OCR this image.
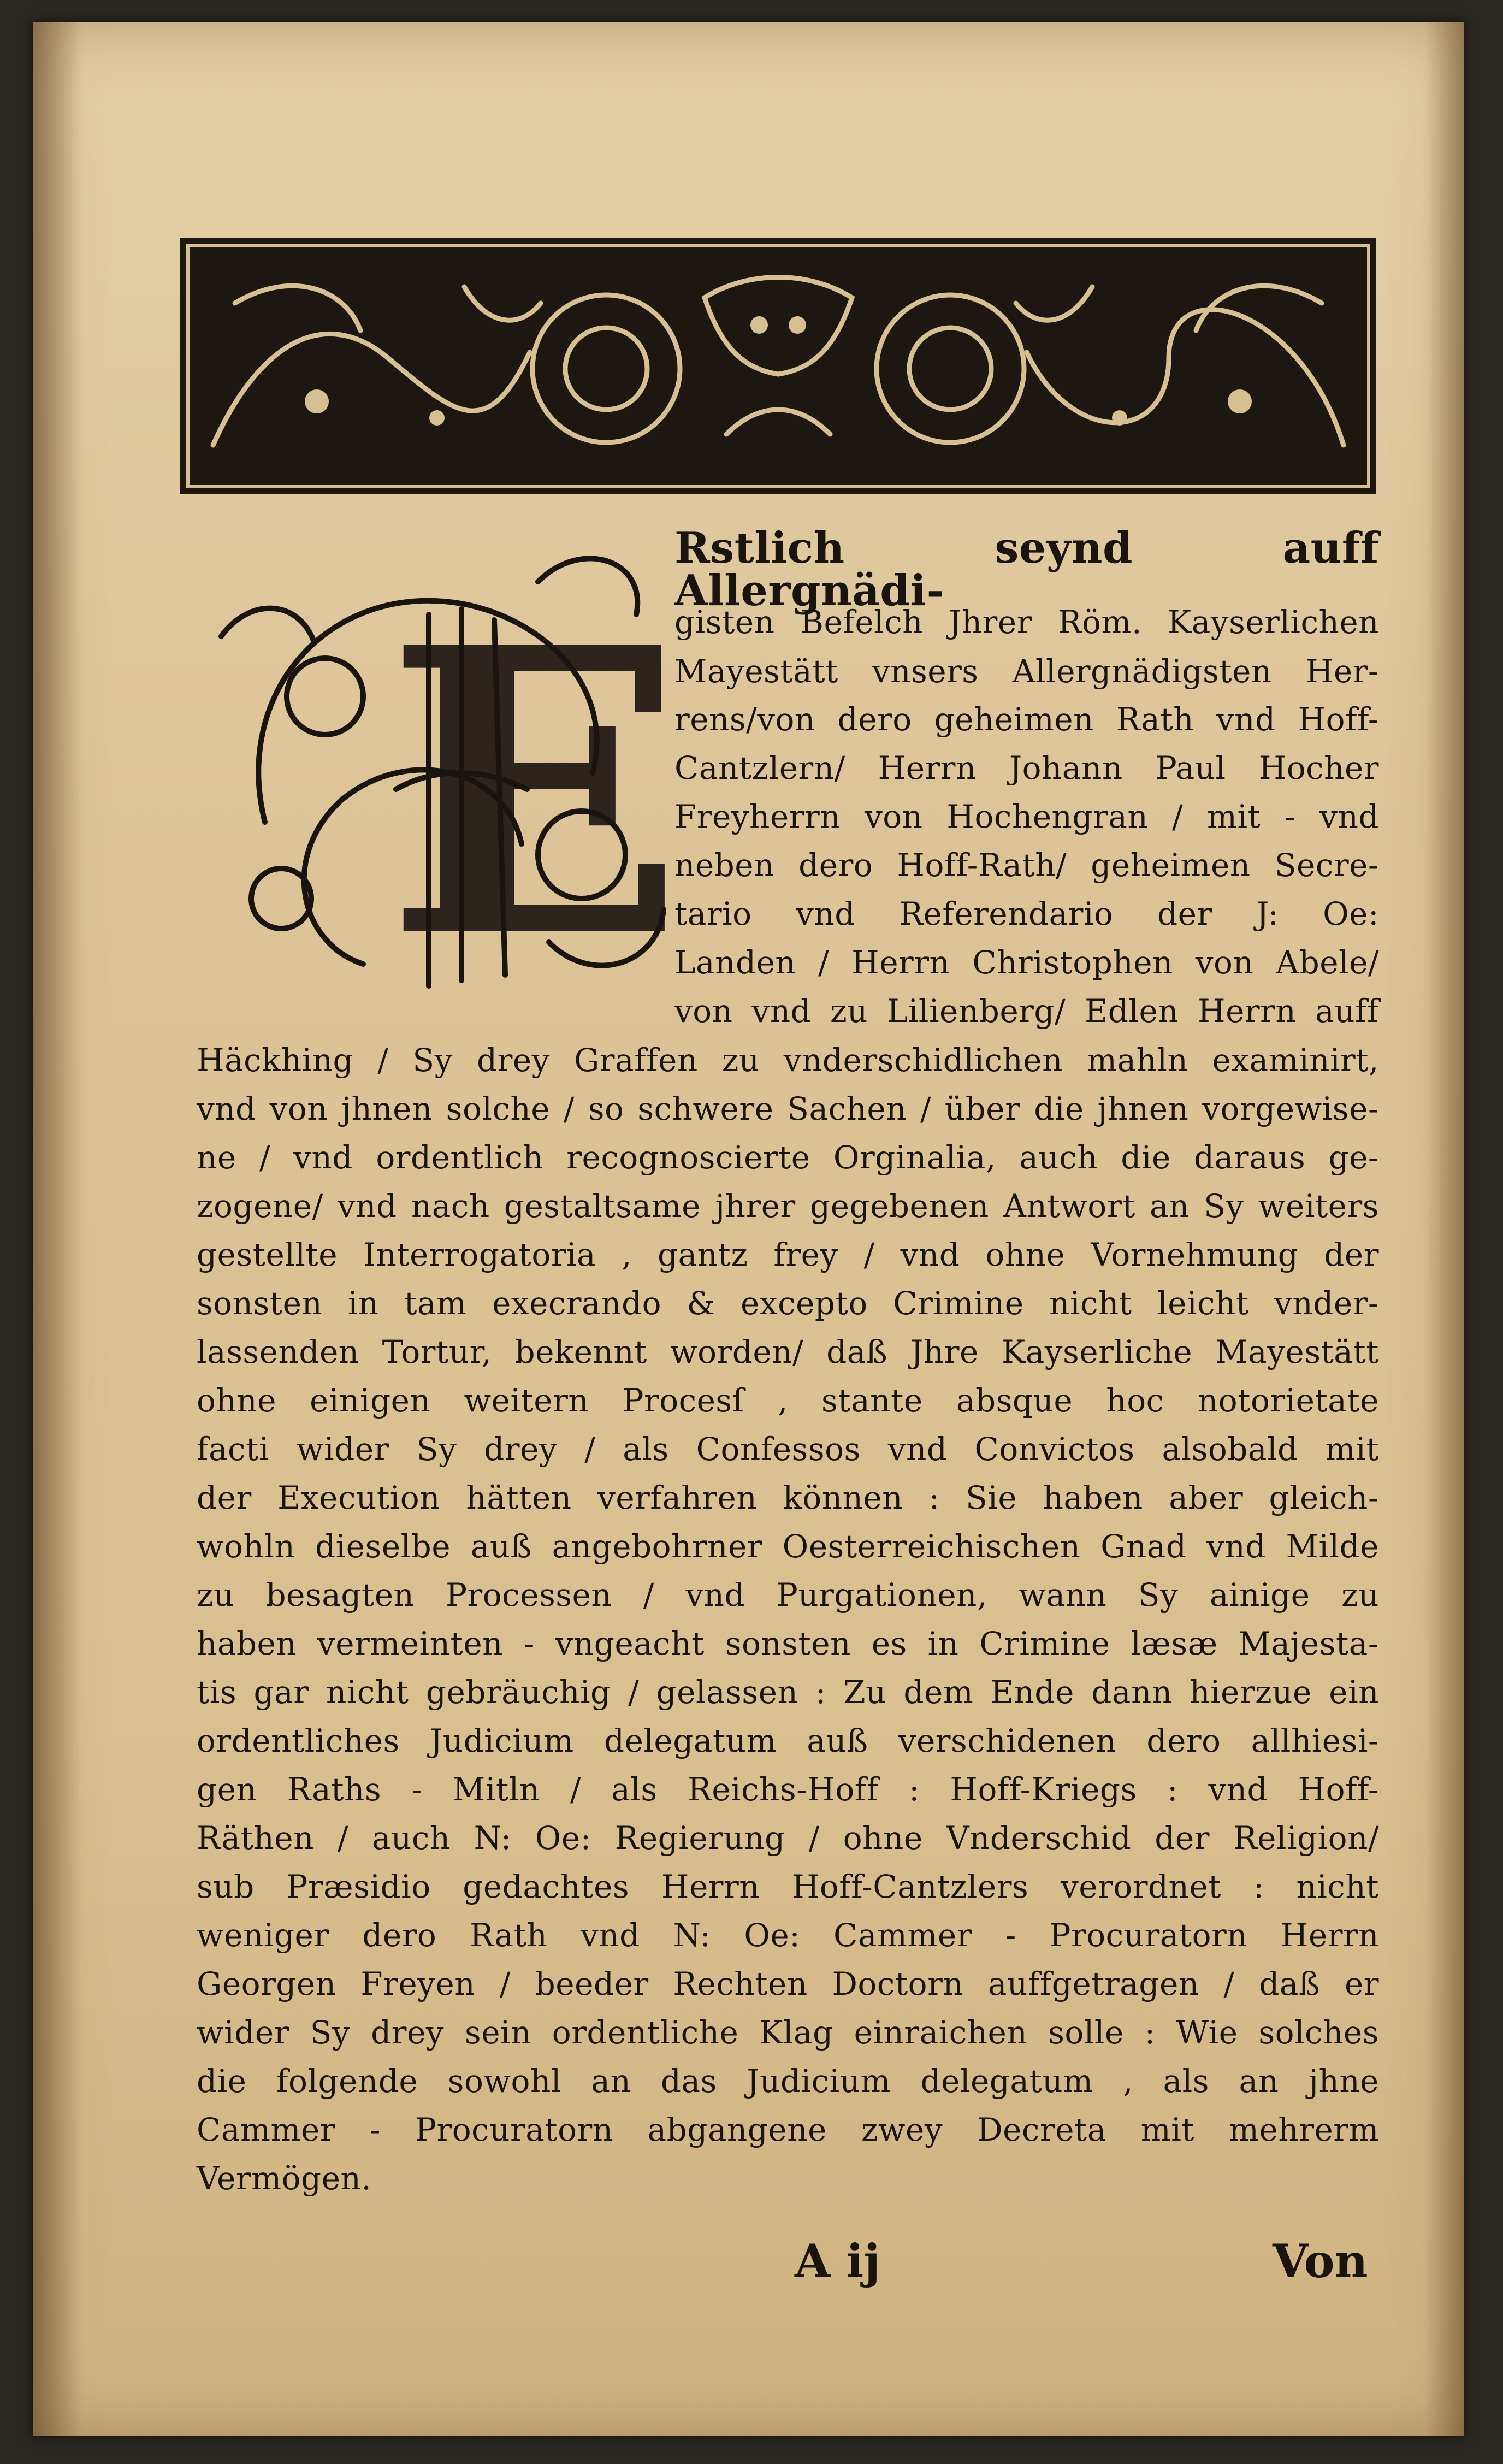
E
Rstlich seynd auff Allergnädi-
gisten Befelch Jhrer Röm. Kayserlichen
Mayestätt vnsers Allergnädigsten Her-
rens/von dero geheimen Rath vnd Hoff-
Cantzlern/ Herrn Johann Paul Hocher
Freyherrn von Hochengran / mit - vnd
neben dero Hoff-Rath/ geheimen Secre-
tario vnd Referendario der J: Oe:
Landen / Herrn Christophen von Abele/
von vnd zu Lilienberg/ Edlen Herrn auff
Häckhing / Sy drey Graffen zu vnderschidlichen mahln examinirt,
vnd von jhnen solche / so schwere Sachen / über die jhnen vorgewise-
ne / vnd ordentlich recognoscierte Orginalia, auch die daraus ge-
zogene/ vnd nach gestaltsame jhrer gegebenen Antwort an Sy weiters
gestellte Interrogatoria , gantz frey / vnd ohne Vornehmung der
sonsten in tam execrando & excepto Crimine nicht leicht vnder-
lassenden Tortur, bekennt worden/ daß Jhre Kayserliche Mayestätt
ohne einigen weitern Procesſ , stante absque hoc notorietate
facti wider Sy drey / als Confessos vnd Convictos alsobald mit
der Execution hätten verfahren können : Sie haben aber gleich-
wohln dieselbe auß angebohrner Oesterreichischen Gnad vnd Milde
zu besagten Processen / vnd Purgationen, wann Sy ainige zu
haben vermeinten - vngeacht sonsten es in Crimine læsæ Majesta-
tis gar nicht gebräuchig / gelassen : Zu dem Ende dann hierzue ein
ordentliches Judicium delegatum auß verschidenen dero allhiesi-
gen Raths - Mitln / als Reichs-Hoff : Hoff-Kriegs : vnd Hoff-
Räthen / auch N: Oe: Regierung / ohne Vnderschid der Religion/
sub Præsidio gedachtes Herrn Hoff-Cantzlers verordnet : nicht
weniger dero Rath vnd N: Oe: Cammer - Procuratorn Herrn
Georgen Freyen / beeder Rechten Doctorn auffgetragen / daß er
wider Sy drey sein ordentliche Klag einraichen solle : Wie solches
die folgende sowohl an das Judicium delegatum , als an jhne
Cammer - Procuratorn abgangene zwey Decreta mit mehrerm
Vermögen.
A ij	Von
